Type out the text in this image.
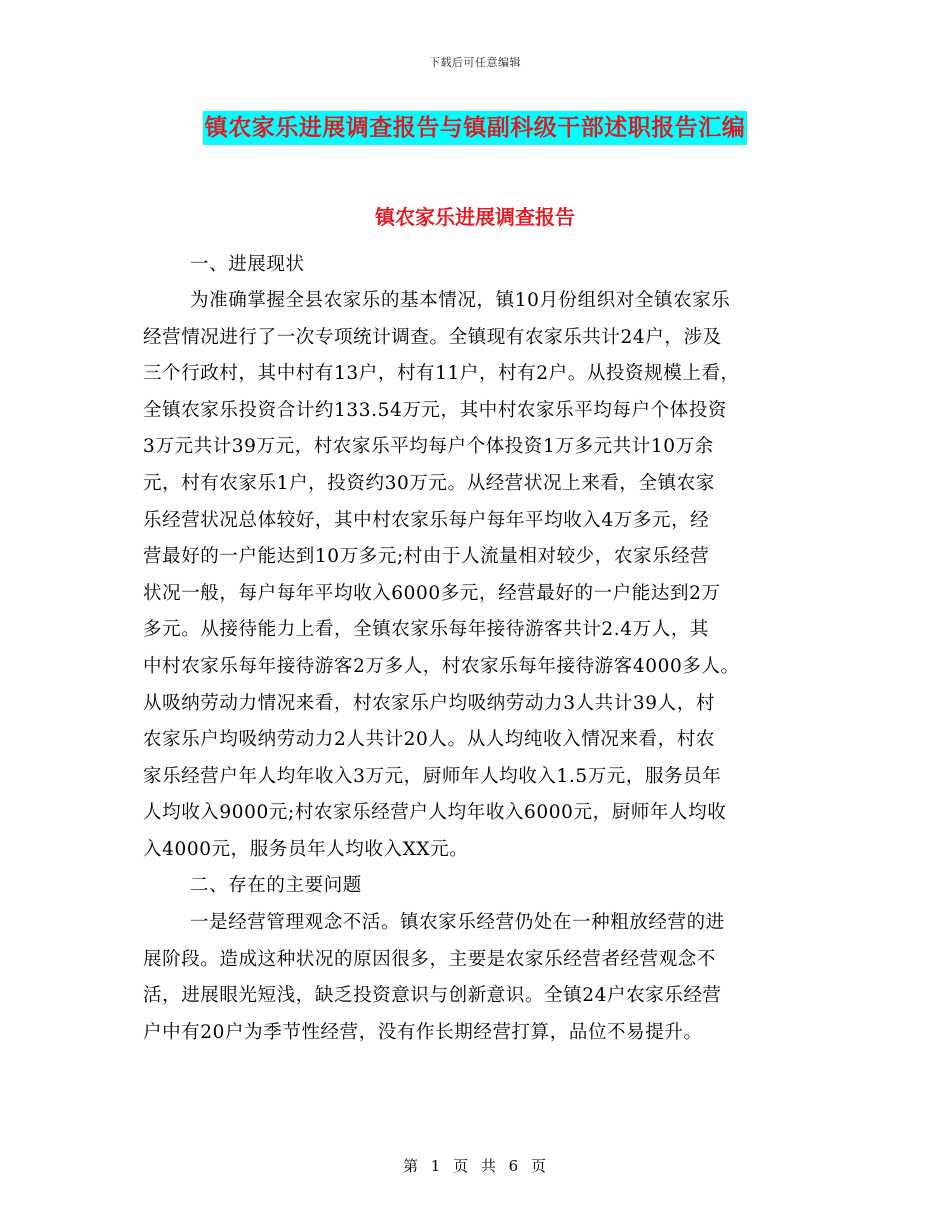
下载后可任意编辑
镇农家乐进展调查报告与镇副科级干部述职报告汇编
镇农家乐进展调查报告
一、进展现状
为准确掌握全县农家乐的基本情况，镇10月份组织对全镇农家乐
经营情况进行了一次专项统计调查。全镇现有农家乐共计24户，涉及
三个行政村，其中村有13户，村有11户，村有2户。从投资规模上看，
全镇农家乐投资合计约133.54万元，其中村农家乐平均每户个体投资
3万元共计39万元，村农家乐平均每户个体投资1万多元共计10万余
元，村有农家乐1户，投资约30万元。从经营状况上来看，全镇农家
乐经营状况总体较好，其中村农家乐每户每年平均收入4万多元，经
营最好的一户能达到10万多元;村由于人流量相对较少，农家乐经营
状况一般，每户每年平均收入6000多元，经营最好的一户能达到2万
多元。从接待能力上看，全镇农家乐每年接待游客共计2.4万人，其
中村农家乐每年接待游客2万多人，村农家乐每年接待游客4000多人。
从吸纳劳动力情况来看，村农家乐户均吸纳劳动力3人共计39人，村
农家乐户均吸纳劳动力2人共计20人。从人均纯收入情况来看，村农
家乐经营户年人均年收入3万元，厨师年人均收入1.5万元，服务员年
人均收入9000元;村农家乐经营户人均年收入6000元，厨师年人均收
入4000元，服务员年人均收入XX元。
二、存在的主要问题
一是经营管理观念不活。镇农家乐经营仍处在一种粗放经营的进
展阶段。造成这种状况的原因很多，主要是农家乐经营者经营观念不
活，进展眼光短浅，缺乏投资意识与创新意识。全镇24户农家乐经营
户中有20户为季节性经营，没有作长期经营打算，品位不易提升。
第 1 页 共 6 页
